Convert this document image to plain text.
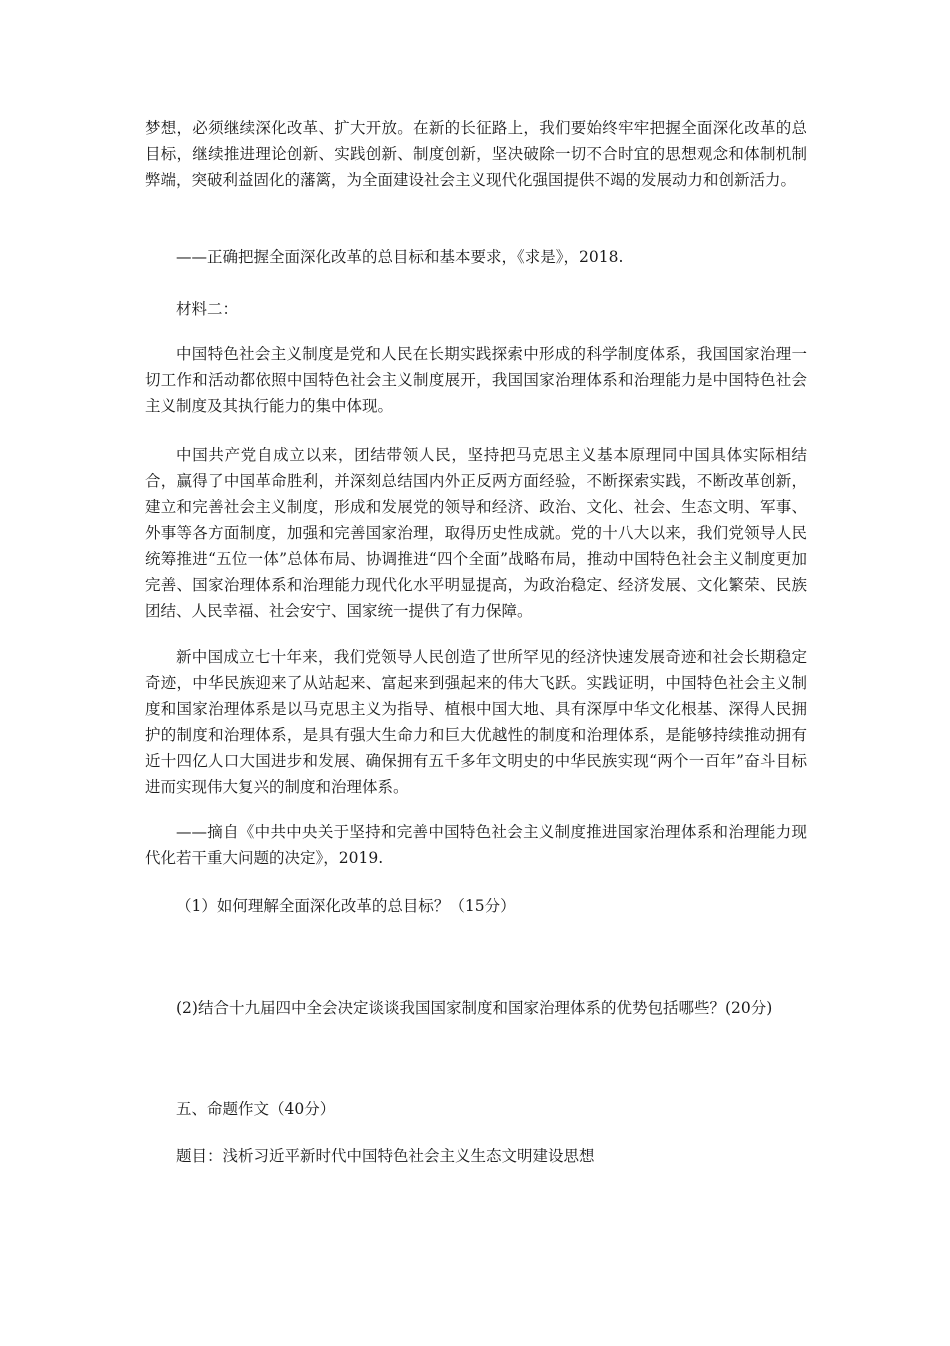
梦想，必须继续深化改革、扩大开放。在新的长征路上，我们要始终牢牢把握全面深化改革的总目标，继续推进理论创新、实践创新、制度创新，坚决破除一切不合时宜的思想观念和体制机制弊端，突破利益固化的藩篱，为全面建设社会主义现代化强国提供不竭的发展动力和创新活力。

——正确把握全面深化改革的总目标和基本要求，《求是》，2018.

材料二：

中国特色社会主义制度是党和人民在长期实践探索中形成的科学制度体系，我国国家治理一切工作和活动都依照中国特色社会主义制度展开，我国国家治理体系和治理能力是中国特色社会主义制度及其执行能力的集中体现。

中国共产党自成立以来，团结带领人民，坚持把马克思主义基本原理同中国具体实际相结合，赢得了中国革命胜利，并深刻总结国内外正反两方面经验，不断探索实践，不断改革创新，建立和完善社会主义制度，形成和发展党的领导和经济、政治、文化、社会、生态文明、军事、外事等各方面制度，加强和完善国家治理，取得历史性成就。党的十八大以来，我们党领导人民统筹推进“五位一体”总体布局、协调推进“四个全面”战略布局，推动中国特色社会主义制度更加完善、国家治理体系和治理能力现代化水平明显提高，为政治稳定、经济发展、文化繁荣、民族团结、人民幸福、社会安宁、国家统一提供了有力保障。

新中国成立七十年来，我们党领导人民创造了世所罕见的经济快速发展奇迹和社会长期稳定奇迹，中华民族迎来了从站起来、富起来到强起来的伟大飞跃。实践证明，中国特色社会主义制度和国家治理体系是以马克思主义为指导、植根中国大地、具有深厚中华文化根基、深得人民拥护的制度和治理体系，是具有强大生命力和巨大优越性的制度和治理体系，是能够持续推动拥有近十四亿人口大国进步和发展、确保拥有五千多年文明史的中华民族实现“两个一百年”奋斗目标进而实现伟大复兴的制度和治理体系。

——摘自《中共中央关于坚持和完善中国特色社会主义制度推进国家治理体系和治理能力现代化若干重大问题的决定》，2019.

（1）如何理解全面深化改革的总目标？（15分）

(2)结合十九届四中全会决定谈谈我国国家制度和国家治理体系的优势包括哪些？(20分)

五、命题作文（40分）

题目：浅析习近平新时代中国特色社会主义生态文明建设思想
